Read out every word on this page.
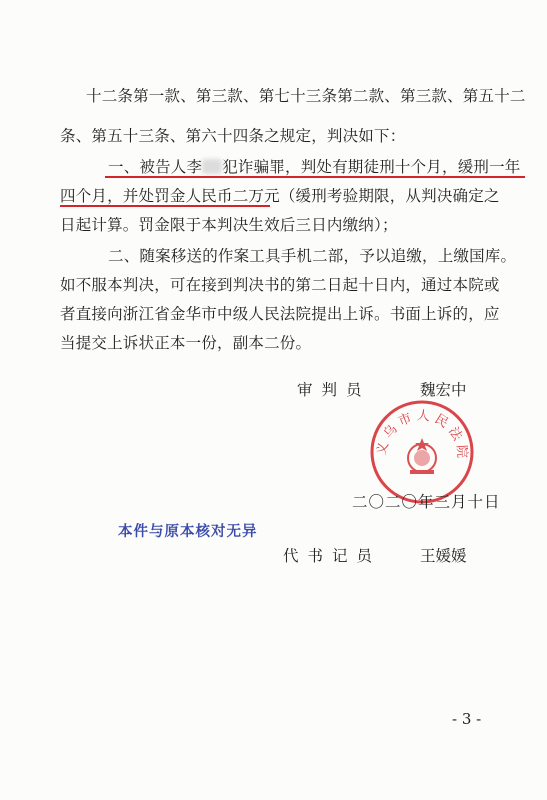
十二条第一款、第三款、第七十三条第二款、第三款、第五十二
条、第五十三条、第六十四条之规定，判决如下：
一、被告人李 犯诈骗罪，判处有期徒刑十个月，缓刑一年
四个月，并处罚金人民币二万元（缓刑考验期限，从判决确定之
日起计算。罚金限于本判决生效后三日内缴纳）；
二、随案移送的作案工具手机二部，予以追缴，上缴国库。
如不服本判决，可在接到判决书的第二日起十日内，通过本院或
者直接向浙江省金华市中级人民法院提出上诉。书面上诉的，应
当提交上诉状正本一份，副本二份。
审判员	魏宏中
义乌市人民法院
二〇二〇年三月十日
本件与原本核对无异
代书记员	王媛媛
- 3 -
